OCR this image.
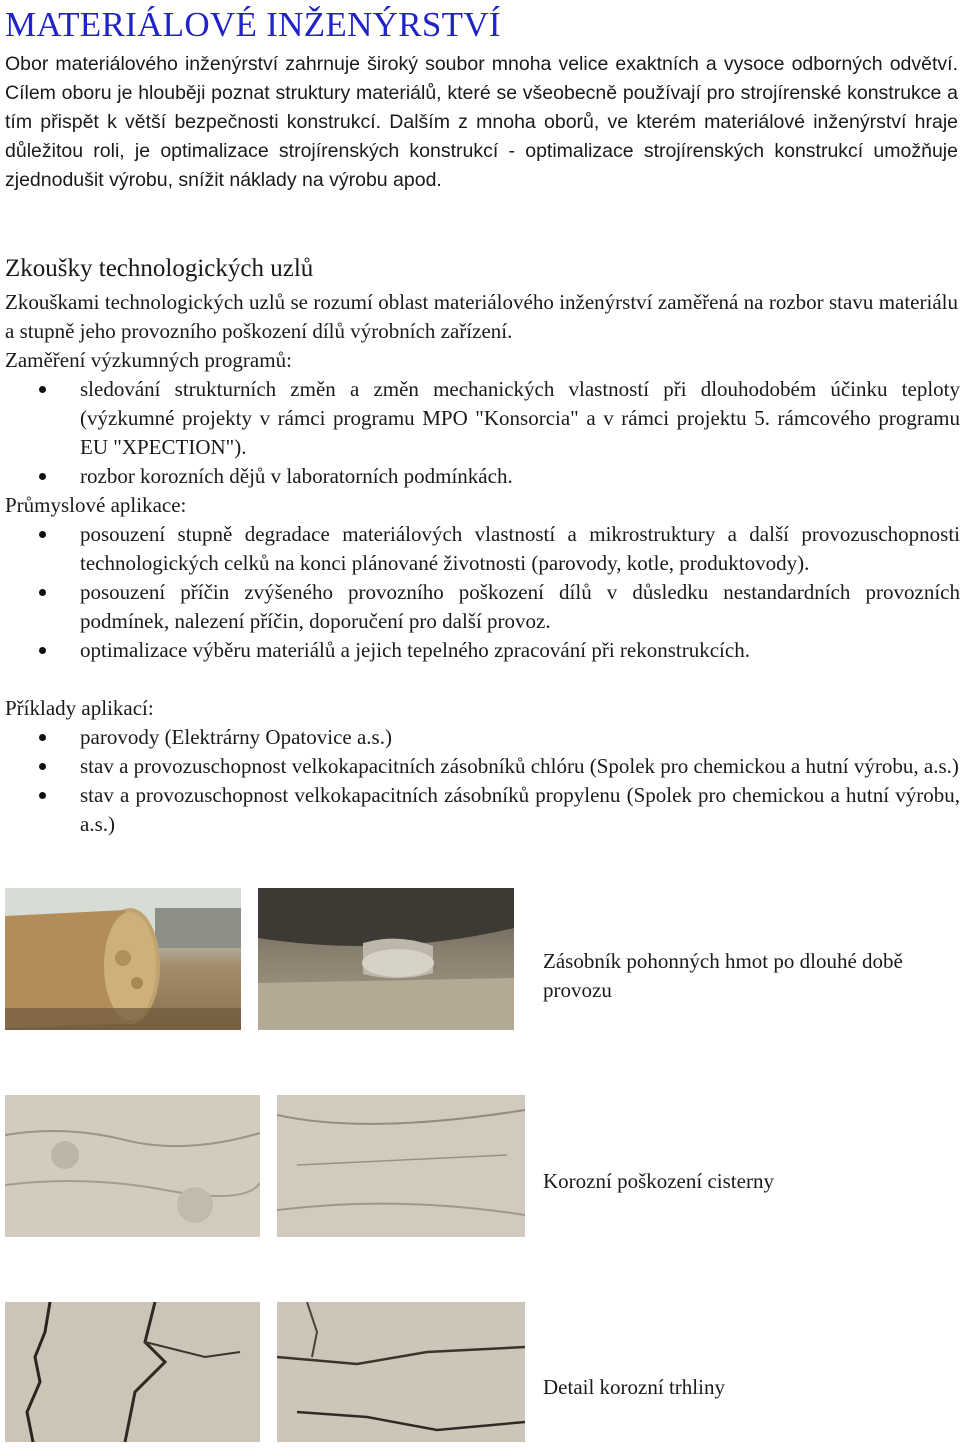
MATERIÁLOVÉ INŽENÝRSTVÍ

Obor materiálového inženýrství zahrnuje široký soubor mnoha velice exaktních a vysoce odborných odvětví. Cílem oboru je hlouběji poznat struktury materiálů, které se všeobecně používají pro strojírenské konstrukce a tím přispět k větší bezpečnosti konstrukcí. Dalším z mnoha oborů, ve kterém materiálové inženýrství hraje důležitou roli, je optimalizace strojírenských konstrukcí - optimalizace strojírenských konstrukcí umožňuje zjednodušit výrobu, snížit náklady na výrobu apod.

Zkoušky technologických uzlů

Zkouškami technologických uzlů se rozumí oblast materiálového inženýrství zaměřená na rozbor stavu materiálu a stupně jeho provozního poškození dílů výrobních zařízení.

Zaměření výzkumných programů:

sledování strukturních změn a změn mechanických vlastností při dlouhodobém účinku teploty (výzkumné projekty v rámci programu MPO "Konsorcia" a v rámci projektu 5. rámcového programu EU "XPECTION").
rozbor korozních dějů v laboratorních podmínkách.

Průmyslové aplikace:

posouzení stupně degradace materiálových vlastností a mikrostruktury a další provozuschopnosti technologických celků na konci plánované životnosti (parovody, kotle, produktovody).
posouzení příčin zvýšeného provozního poškození dílů v důsledku nestandardních provozních podmínek, nalezení příčin, doporučení pro další provoz.
optimalizace výběru materiálů a jejich tepelného zpracování při rekonstrukcích.

Příklady aplikací:

parovody (Elektrárny Opatovice a.s.)
stav a provozuschopnost velkokapacitních zásobníků chlóru (Spolek pro chemickou a hutní výrobu, a.s.)
stav a provozuschopnost velkokapacitních zásobníků propylenu (Spolek pro chemickou a hutní výrobu, a.s.)

Zásobník pohonných hmot po dlouhé době provozu

Korozní poškození cisterny

Detail korozní trhliny
